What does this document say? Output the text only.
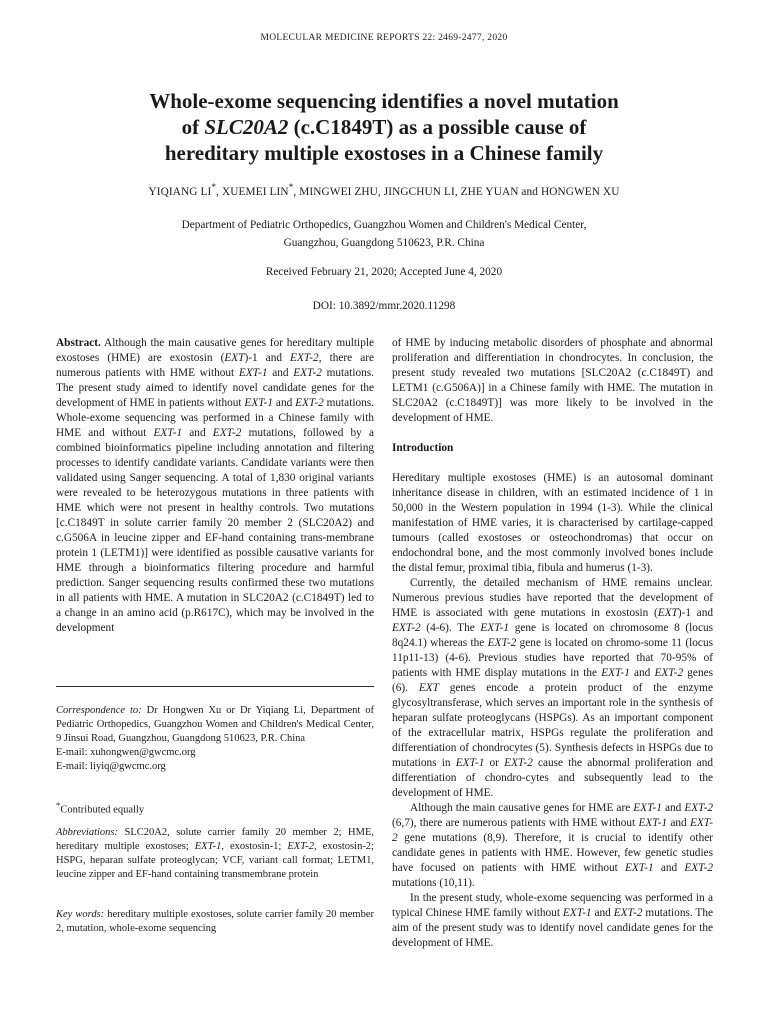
MOLECULAR MEDICINE REPORTS 22: 2469-2477, 2020
Whole-exome sequencing identifies a novel mutation
of SLC20A2 (c.C1849T) as a possible cause of
hereditary multiple exostoses in a Chinese family
YIQIANG LI*, XUEMEI LIN*, MINGWEI ZHU, JINGCHUN LI, ZHE YUAN and HONGWEN XU
Department of Pediatric Orthopedics, Guangzhou Women and Children's Medical Center,
Guangzhou, Guangdong 510623, P.R. China
Received February 21, 2020; Accepted June 4, 2020
DOI: 10.3892/mmr.2020.11298

Abstract. Although the main causative genes for hereditary multiple exostoses (HME) are exostosin (EXT)-1 and EXT-2, there are numerous patients with HME without EXT-1 and EXT-2 mutations. The present study aimed to identify novel candidate genes for the development of HME in patients without EXT-1 and EXT-2 mutations. Whole-exome sequencing was performed in a Chinese family with HME and without EXT-1 and EXT-2 mutations, followed by a combined bioinformatics pipeline including annotation and filtering processes to identify candidate variants. Candidate variants were then validated using Sanger sequencing. A total of 1,830 original variants were revealed to be heterozygous mutations in three patients with HME which were not present in healthy controls. Two mutations [c.C1849T in solute carrier family 20 member 2 (SLC20A2) and c.G506A in leucine zipper and EF-hand containing trans-membrane protein 1 (LETM1)] were identified as possible causative variants for HME through a bioinformatics filtering procedure and harmful prediction. Sanger sequencing results confirmed these two mutations in all patients with HME. A mutation in SLC20A2 (c.C1849T) led to a change in an amino acid (p.R617C), which may be involved in the development

Correspondence to: Dr Hongwen Xu or Dr Yiqiang Li, Department of Pediatric Orthopedics, Guangzhou Women and Children's Medical Center, 9 Jinsui Road, Guangzhou, Guangdong 510623, P.R. China

E-mail: xuhongwen@gwcmc.org

E-mail: liyiq@gwcmc.org

*Contributed equally

Abbreviations: SLC20A2, solute carrier family 20 member 2; HME, hereditary multiple exostoses; EXT-1, exostosin-1; EXT-2, exostosin-2; HSPG, heparan sulfate proteoglycan; VCF, variant call format; LETM1, leucine zipper and EF-hand containing transmembrane protein

Key words: hereditary multiple exostoses, solute carrier family 20 member 2, mutation, whole-exome sequencing

of HME by inducing metabolic disorders of phosphate and abnormal proliferation and differentiation in chondrocytes. In conclusion, the present study revealed two mutations [SLC20A2 (c.C1849T) and LETM1 (c.G506A)] in a Chinese family with HME. The mutation in SLC20A2 (c.C1849T)] was more likely to be involved in the development of HME.

Introduction

Hereditary multiple exostoses (HME) is an autosomal dominant inheritance disease in children, with an estimated incidence of 1 in 50,000 in the Western population in 1994 (1-3). While the clinical manifestation of HME varies, it is characterised by cartilage-capped tumours (called exostoses or osteochondromas) that occur on endochondral bone, and the most commonly involved bones include the distal femur, proximal tibia, fibula and humerus (1-3).

Currently, the detailed mechanism of HME remains unclear. Numerous previous studies have reported that the development of HME is associated with gene mutations in exostosin (EXT)-1 and EXT-2 (4-6). The EXT-1 gene is located on chromosome 8 (locus 8q24.1) whereas the EXT-2 gene is located on chromo-some 11 (locus 11p11-13) (4-6). Previous studies have reported that 70-95% of patients with HME display mutations in the EXT-1 and EXT-2 genes (6). EXT genes encode a protein product of the enzyme glycosyltransferase, which serves an important role in the synthesis of heparan sulfate proteoglycans (HSPGs). As an important component of the extracellular matrix, HSPGs regulate the proliferation and differentiation of chondrocytes (5). Synthesis defects in HSPGs due to mutations in EXT-1 or EXT-2 cause the abnormal proliferation and differentiation of chondro-cytes and subsequently lead to the development of HME.

Although the main causative genes for HME are EXT-1 and EXT-2 (6,7), there are numerous patients with HME without EXT-1 and EXT-2 gene mutations (8,9). Therefore, it is crucial to identify other candidate genes in patients with HME. However, few genetic studies have focused on patients with HME without EXT-1 and EXT-2 mutations (10,11).

In the present study, whole-exome sequencing was performed in a typical Chinese HME family without EXT-1 and EXT-2 mutations. The aim of the present study was to identify novel candidate genes for the development of HME.
